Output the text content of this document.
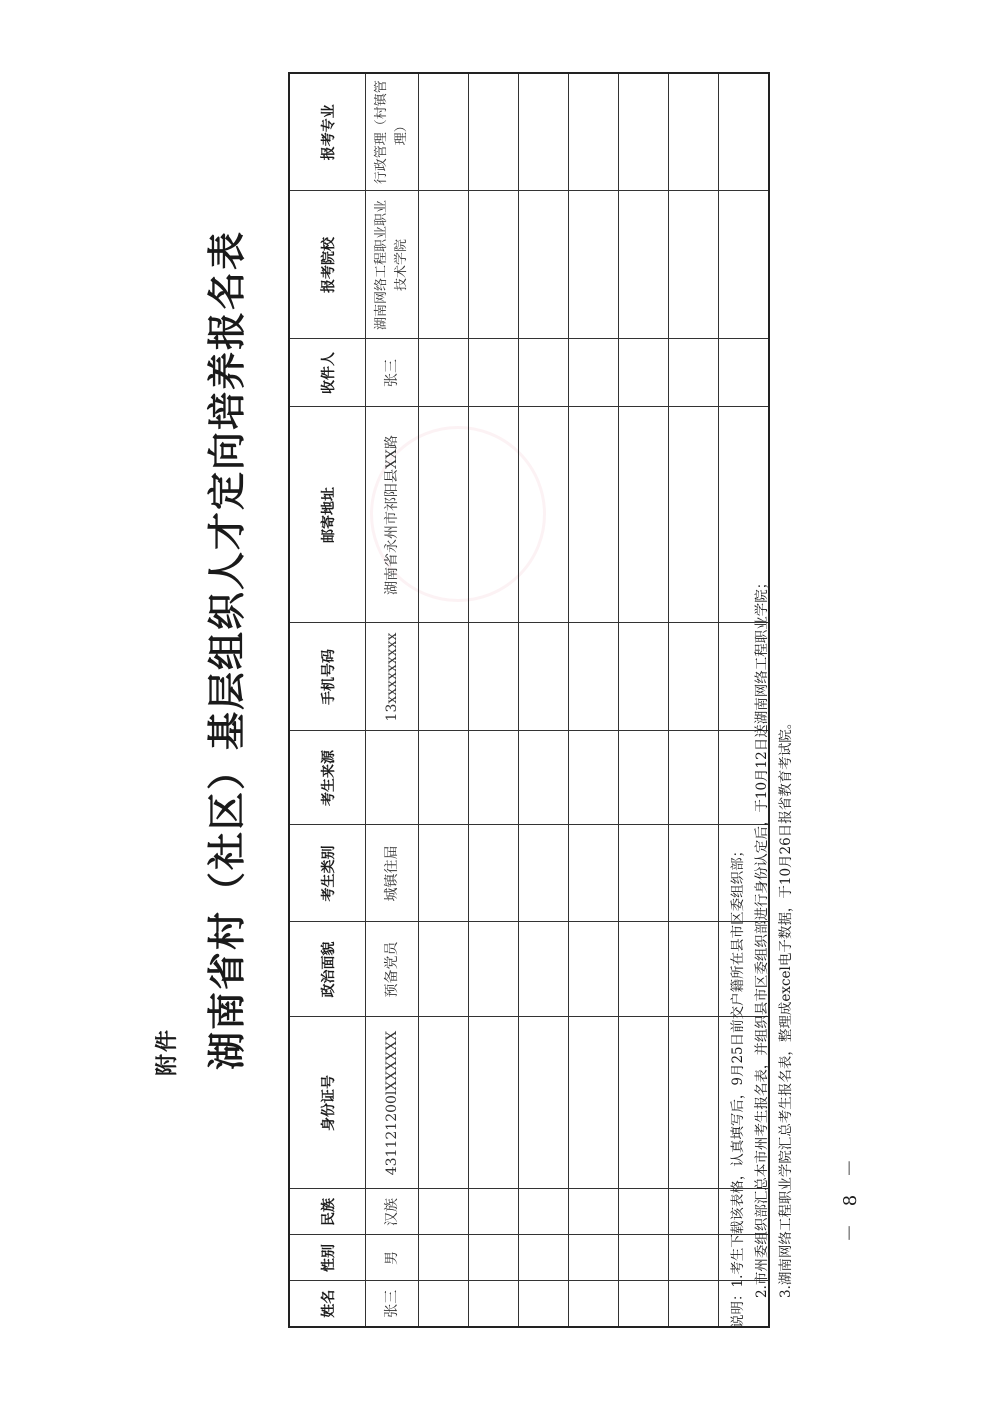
附件 湖南省村（社区）基层组织人才定向培养报名表
姓名	性别	民族	身份证号	政治面貌	考生类别	考生来源	手机号码	邮寄地址	收件人	报考院校	报考专业
张三	男	汉族	431121200lXXXXXX	预备党员	城镇往届		13xxxxxxxxx	湖南省永州市祁阳县XX路	张三	湖南网络工程职业职业技术学院	行政管理（村镇管理）

说明：1.考生下载该表格，认真填写后，9月25日前交户籍所在县市区委组织部； 2.市州委组织部汇总本市州考生报名表，并组织县市区委组织部进行身份认定后，于10月12日送湖南网络工程职业学院； 3.湖南网络工程职业学院汇总考生报名表，整理成excel电子数据，于10月26日报省教育考试院。	－ 8 －
